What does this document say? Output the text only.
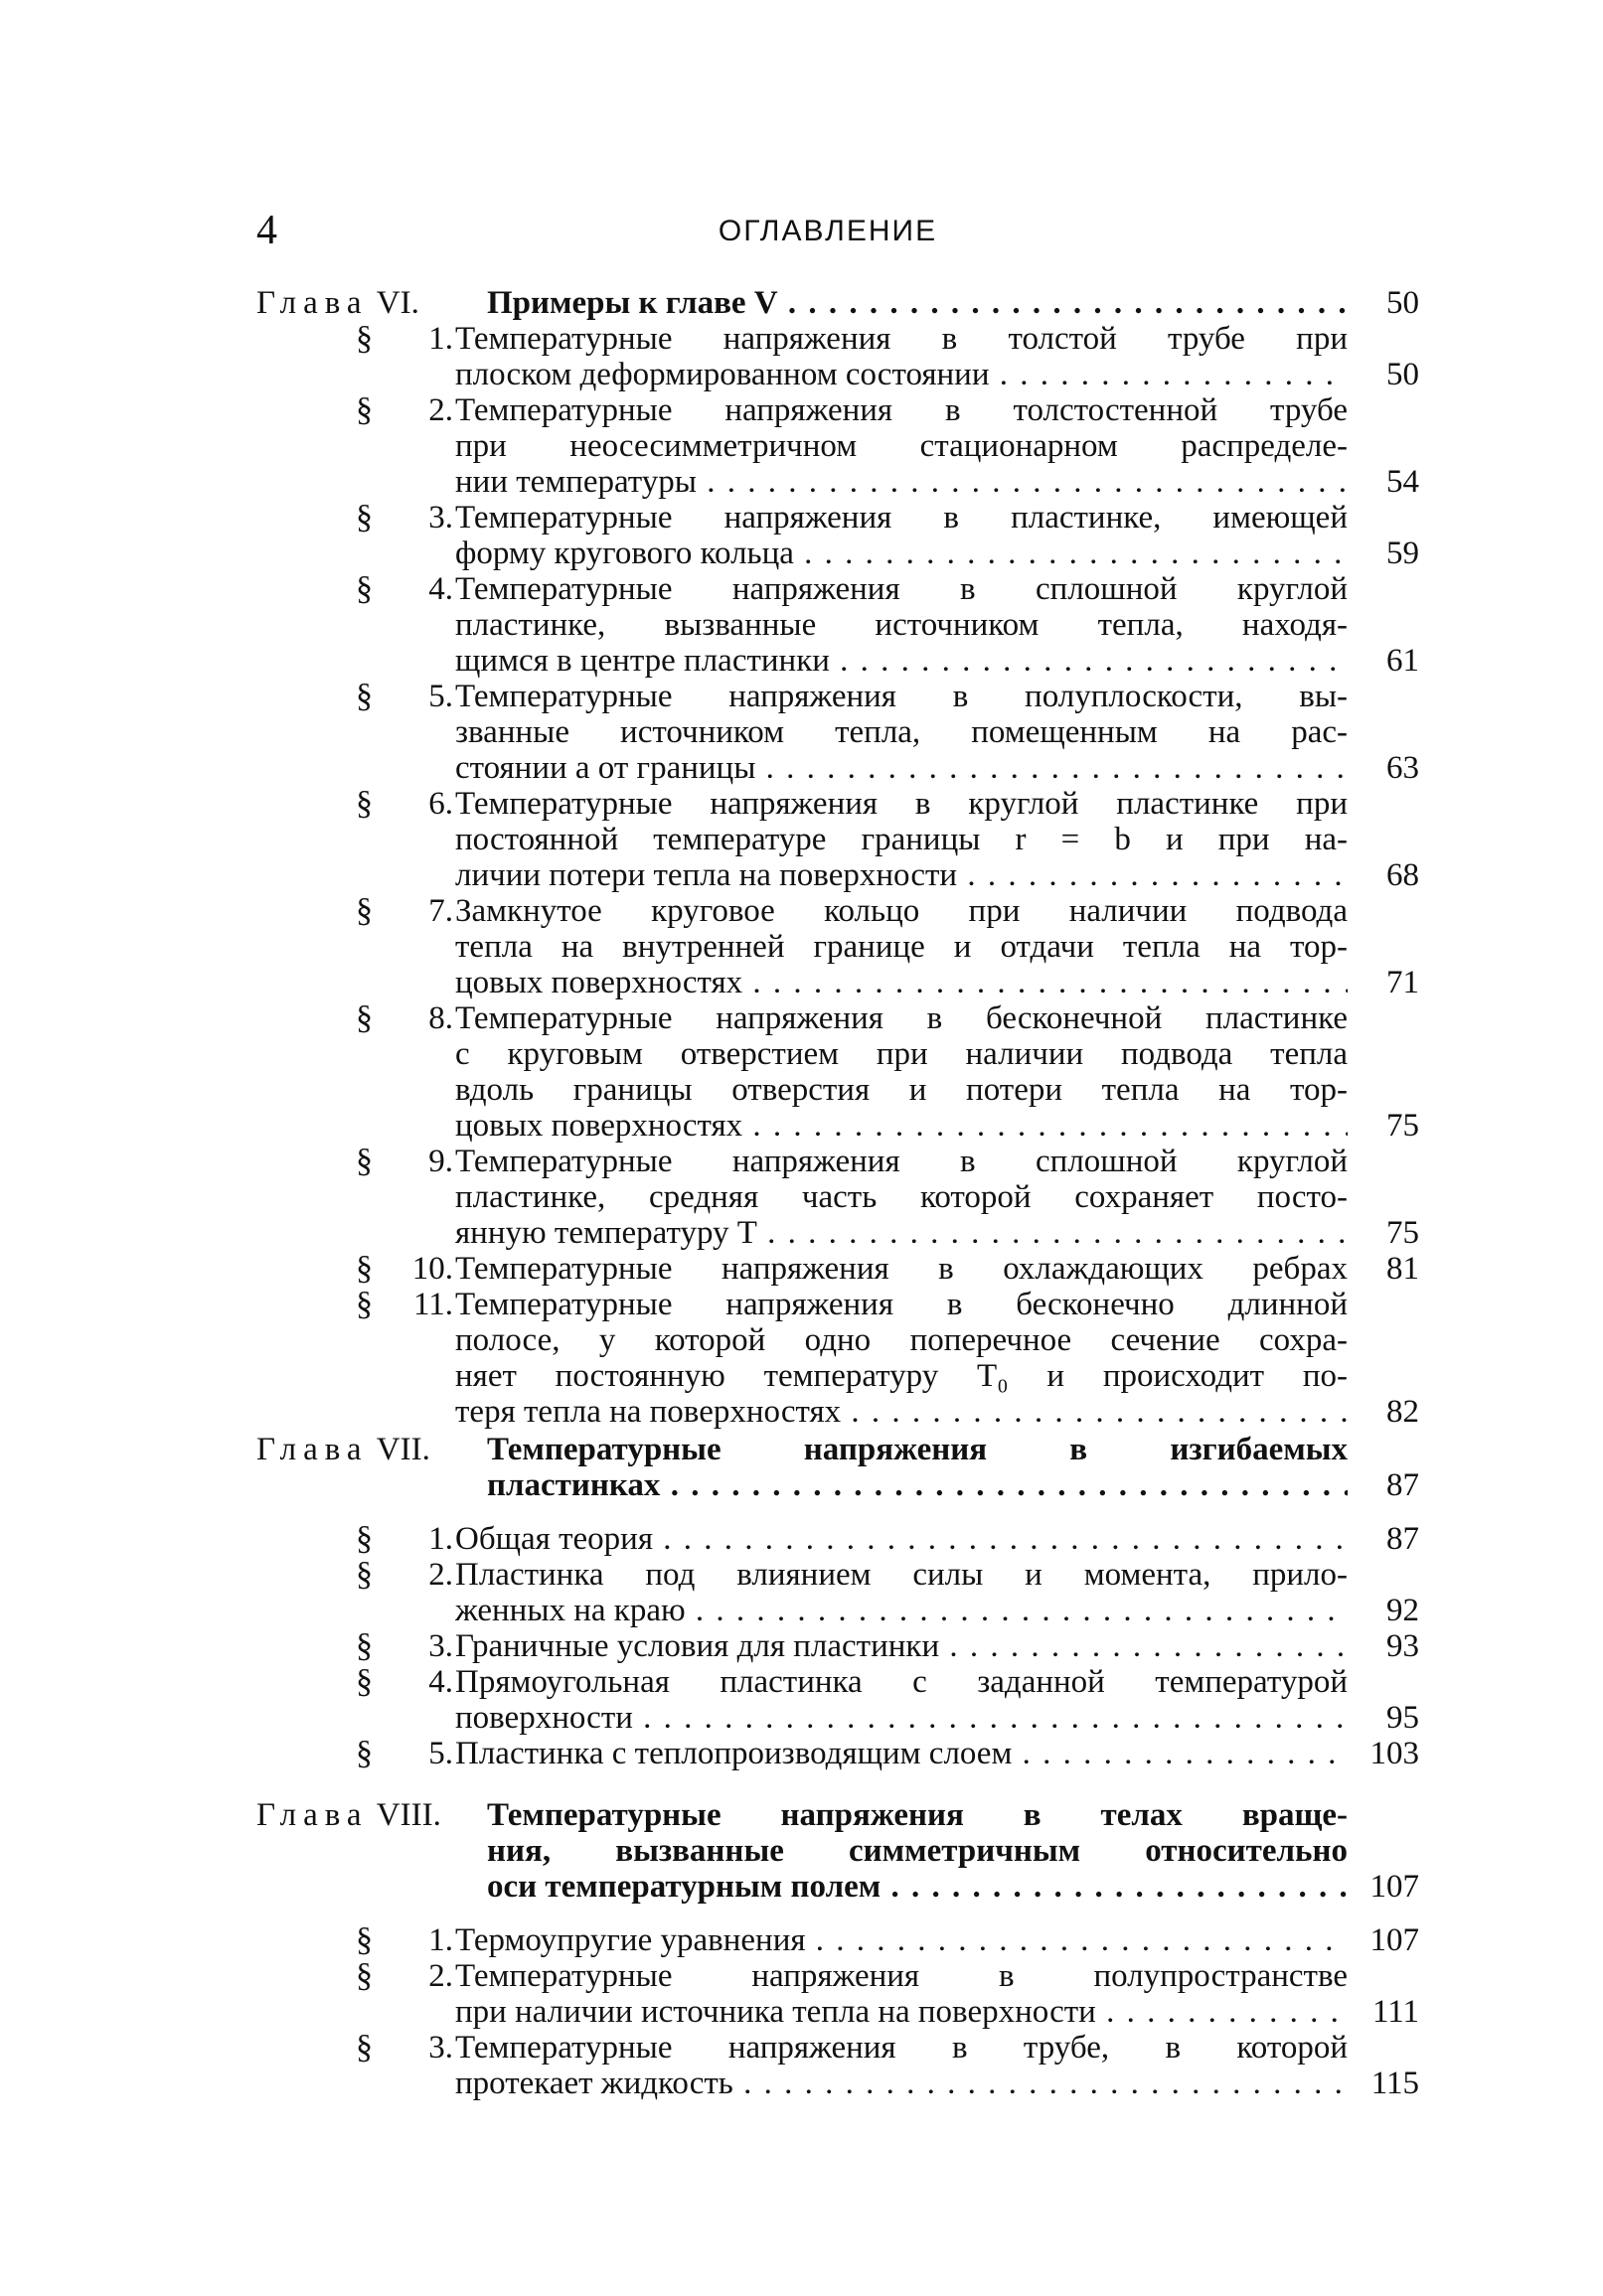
4	ОГЛАВЛЕНИЕ
Глава VI. Примеры к главе V . . .	50
§	1. Температурные напряжения в толстой трубе при
плоском деформированном состоянии . . .	50
§	2. Температурные напряжения в толстостенной трубе
при неосесимметричном стационарном распределе-
нии температуры . . .	54
§	3. Температурные напряжения в пластинке, имеющей
форму кругового кольца . . .	59
§	4. Температурные напряжения в сплошной круглой
пластинке, вызванные источником тепла, находя-
щимся в центре пластинки . . .	61
§	5. Температурные напряжения в полуплоскости, вы-
званные источником тепла, помещенным на рас-
стоянии a от границы . . .	63
§	6. Температурные напряжения в круглой пластинке при
постоянной температуре границы r = b и при на-
личии потери тепла на поверхности . . .	68
§	7. Замкнутое круговое кольцо при наличии подвода
тепла на внутренней границе и отдачи тепла на тор-
цовых поверхностях . . .	71
§	8. Температурные напряжения в бесконечной пластинке
с круговым отверстием при наличии подвода тепла
вдоль границы отверстия и потери тепла на тор-
цовых поверхностях . . .	75
§	9. Температурные напряжения в сплошной круглой
пластинке, средняя часть которой сохраняет посто-
янную температуру T . . .	75
§	10. Температурные напряжения в охлаждающих ребрах	81
§	11. Температурные напряжения в бесконечно длинной
полосе, у которой одно поперечное сечение сохра-
няет постоянную температуру T₀ и происходит по-
теря тепла на поверхностях . . .	82
Глава VII. Температурные напряжения в изгибаемых
пластинках . . .	87
§	1. Общая теория . . .	87
§	2. Пластинка под влиянием силы и момента, прило-
женных на краю . . .	92
§	3. Граничные условия для пластинки . . .	93
§	4. Прямоугольная пластинка с заданной температурой
поверхности . . .	95
§	5. Пластинка с теплопроизводящим слоем . . .	103
Глава VIII. Температурные напряжения в телах враще-
ния, вызванные симметричным относительно
оси температурным полем . . .	107
§	1. Термоупругие уравнения . . .	107
§	2. Температурные напряжения в полупространстве
при наличии источника тепла на поверхности . . .	111
§	3. Температурные напряжения в трубе, в которой
протекает жидкость . . .	115
